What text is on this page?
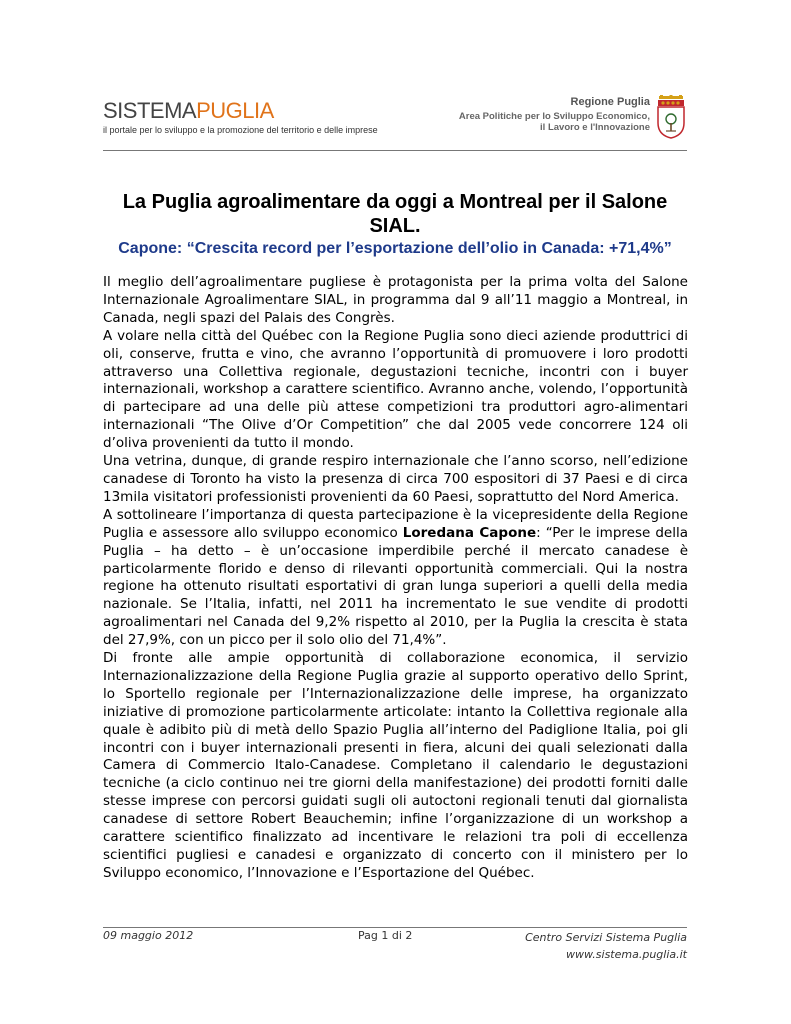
SISTEMAPUGLIA
il portale per lo sviluppo e la promozione del territorio e delle imprese
Regione Puglia
Area Politiche per lo Sviluppo Economico,
il Lavoro e l'Innovazione
La Puglia agroalimentare da oggi a Montreal per il Salone SIAL.
Capone: “Crescita record per l’esportazione dell’olio in Canada: +71,4%”

Il meglio dell’agroalimentare pugliese è protagonista per la prima volta del Salone Internazionale Agroalimentare SIAL, in programma dal 9 all’11 maggio a Montreal, in Canada, negli spazi del Palais des Congrès.

A volare nella città del Québec con la Regione Puglia sono dieci aziende produttrici di oli, conserve, frutta e vino, che avranno l’opportunità di promuovere i loro prodotti attraverso una Collettiva regionale, degustazioni tecniche, incontri con i buyer internazionali, workshop a carattere scientifico. Avranno anche, volendo, l’opportunità di partecipare ad una delle più attese competizioni tra produttori agro-alimentari internazionali “The Olive d’Or Competition” che dal 2005 vede concorrere 124 oli d’oliva provenienti da tutto il mondo.

Una vetrina, dunque, di grande respiro internazionale che l’anno scorso, nell’edizione canadese di Toronto ha visto la presenza di circa 700 espositori di 37 Paesi e di circa 13mila visitatori professionisti provenienti da 60 Paesi, soprattutto del Nord America.

A sottolineare l’importanza di questa partecipazione è la vicepresidente della Regione Puglia e assessore allo sviluppo economico Loredana Capone: “Per le imprese della Puglia – ha detto – è un’occasione imperdibile perché il mercato canadese è particolarmente florido e denso di rilevanti opportunità commerciali. Qui la nostra regione ha ottenuto risultati esportativi di gran lunga superiori a quelli della media nazionale. Se l’Italia, infatti, nel 2011 ha incrementato le sue vendite di prodotti agroalimentari nel Canada del 9,2% rispetto al 2010, per la Puglia la crescita è stata del 27,9%, con un picco per il solo olio del 71,4%”.

Di fronte alle ampie opportunità di collaborazione economica, il servizio Internazionalizzazione della Regione Puglia grazie al supporto operativo dello Sprint, lo Sportello regionale per l’Internazionalizzazione delle imprese, ha organizzato iniziative di promozione particolarmente articolate: intanto la Collettiva regionale alla quale è adibito più di metà dello Spazio Puglia all’interno del Padiglione Italia, poi gli incontri con i buyer internazionali presenti in fiera, alcuni dei quali selezionati dalla Camera di Commercio Italo-Canadese. Completano il calendario le degustazioni tecniche (a ciclo continuo nei tre giorni della manifestazione) dei prodotti forniti dalle stesse imprese con percorsi guidati sugli oli autoctoni regionali tenuti dal giornalista canadese di settore Robert Beauchemin; infine l’organizzazione di un workshop a carattere scientifico finalizzato ad incentivare le relazioni tra poli di eccellenza scientifici pugliesi e canadesi e organizzato di concerto con il ministero per lo Sviluppo economico, l’Innovazione e l’Esportazione del Québec.

09 maggio 2012	Pag 1 di 2	Centro Servizi Sistema Puglia
www.sistema.puglia.it
